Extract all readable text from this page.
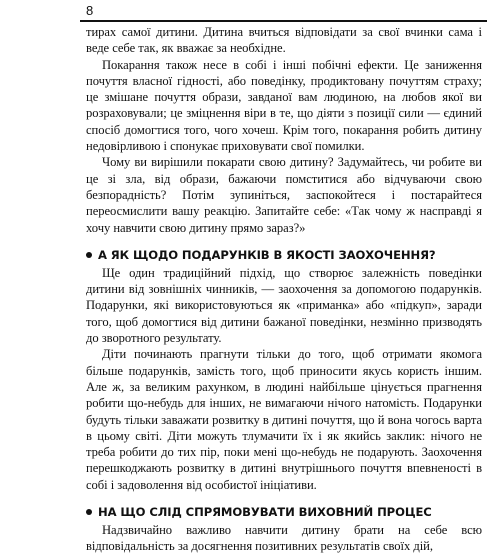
8

тирах самої дитини. Дитина вчиться відповідати за свої вчинки сама і веде себе так, як вважає за необхідне.

Покарання також несе в собі і інші побічні ефекти. Це заниження почуття власної гідності, або поведінку, продиктовану почуттям страху; це змішане почуття образи, завданої вам людиною, на любов якої ви розраховували; це зміцнення віри в те, що діяти з позиції сили — єдиний спосіб домогтися того, чого хочеш. Крім того, покарання робить дитину недовірливою і спонукає приховувати свої помилки.

Чому ви вирішили покарати свою дитину? Задумайтесь, чи робите ви це зі зла, від образи, бажаючи помститися або відчуваючи свою безпорадність? Потім зупиніться, заспокойтеся і постарайтеся переосмислити вашу реакцію. Запитайте себе: «Так чому ж насправді я хочу навчити свою дитину прямо зараз?»

А ЯК ЩОДО ПОДАРУНКІВ В ЯКОСТІ ЗАОХОЧЕННЯ?

Ще один традиційний підхід, що створює залежність поведінки дитини від зовнішніх чинників, — заохочення за допомогою подарунків. Подарунки, які використовуються як «приманка» або «підкуп», заради того, щоб домогтися від дитини бажаної поведінки, незмінно призводять до зворотного результату.

Діти починають прагнути тільки до того, щоб отримати якомога більше подарунків, замість того, щоб приносити якусь користь іншим. Але ж, за великим рахунком, в людині найбільше цінується прагнення робити що-небудь для інших, не вимагаючи нічого натомість. Подарунки будуть тільки заважати розвитку в дитині почуття, що й вона чогось варта в цьому світі. Діти можуть тлумачити їх і як якийсь заклик: нічого не треба робити до тих пір, поки мені що-небудь не подарують. Заохочення перешкоджають розвитку в дитині внутрішнього почуття впевненості в собі і задоволення від особистої ініціативи.

НА ЩО СЛІД СПРЯМОВУВАТИ ВИХОВНИЙ ПРОЦЕС

Надзвичайно важливо навчити дитину брати на себе всю відповідальність за досягнення позитивних результатів своїх дій,
